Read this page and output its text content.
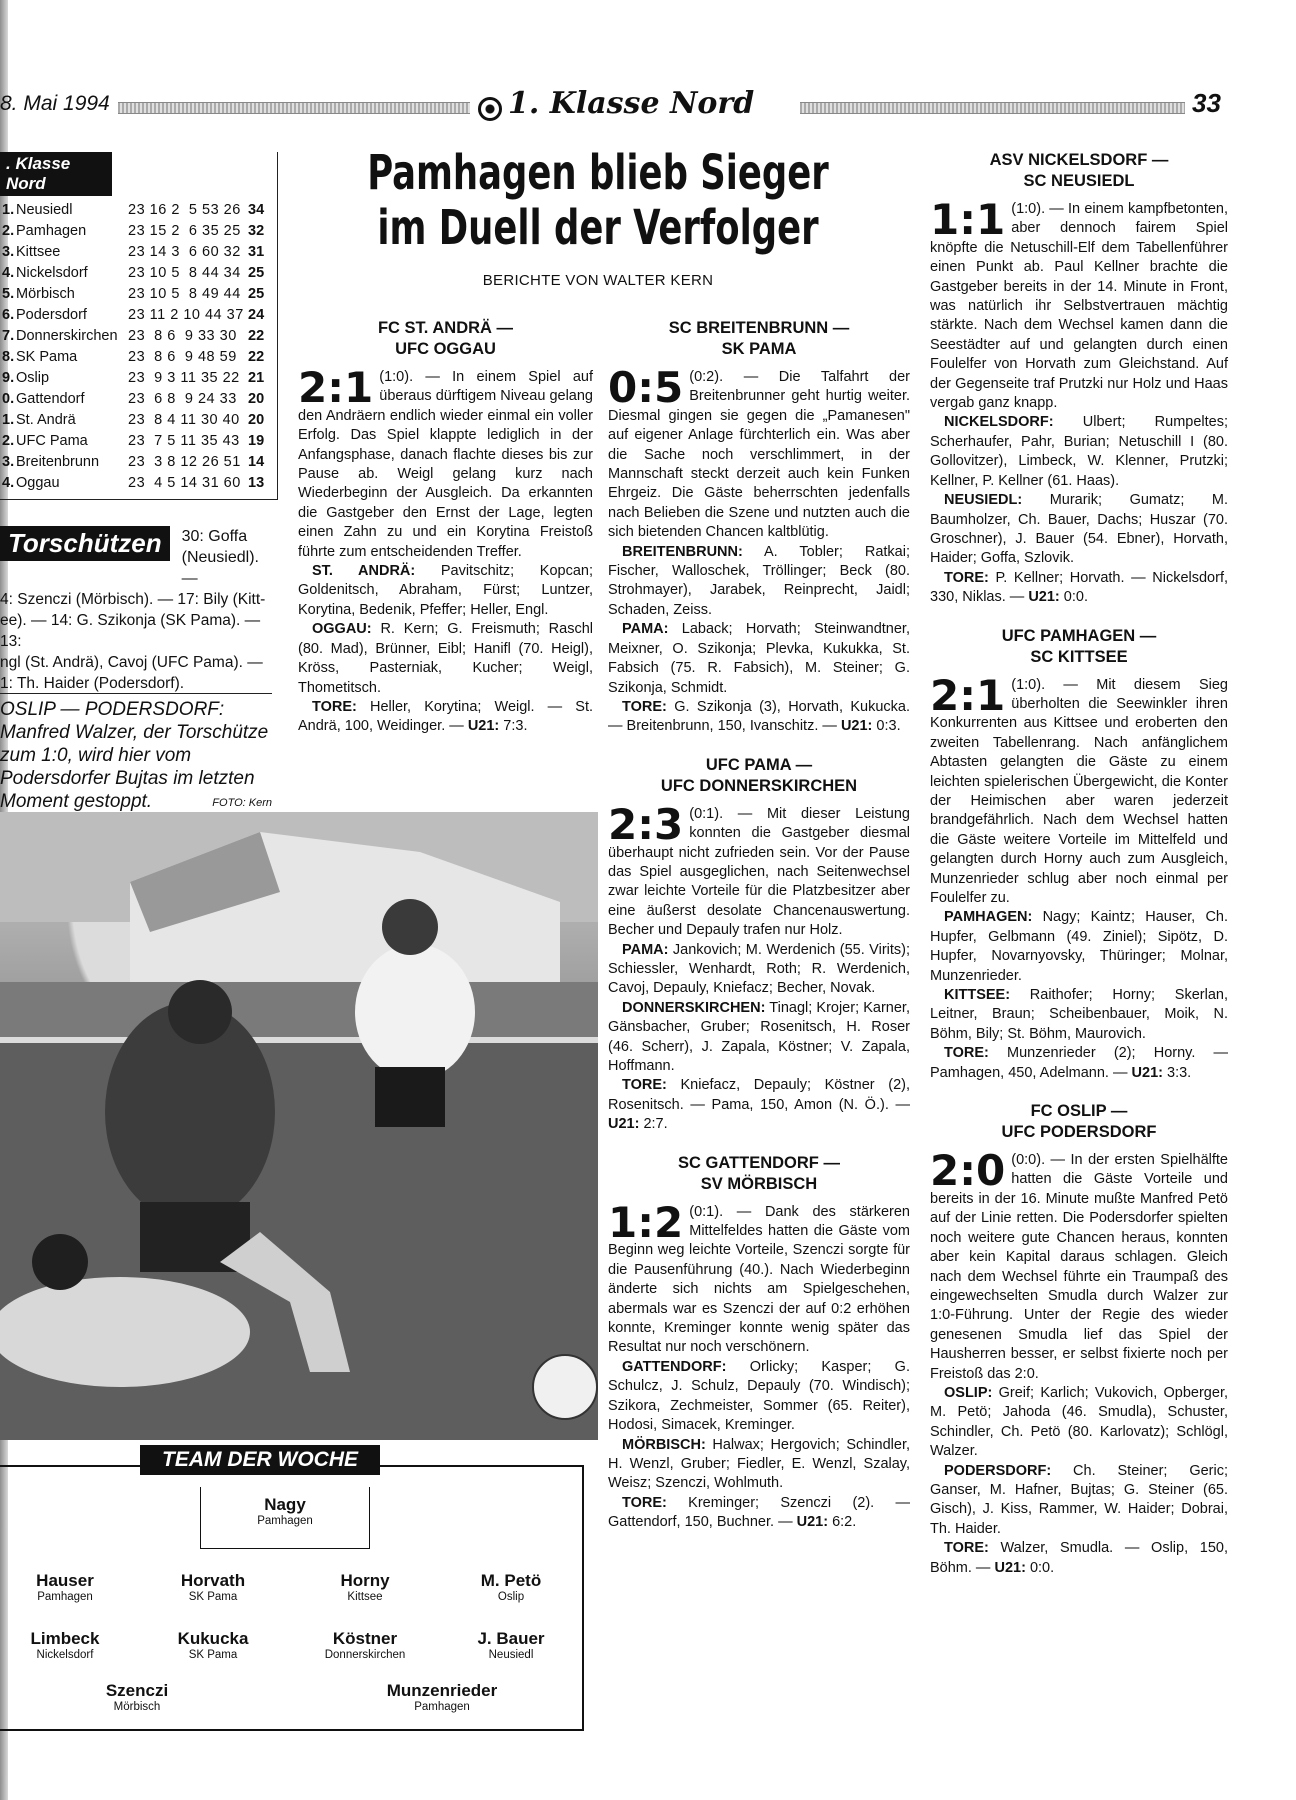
8. Mai 1994	1. Klasse Nord	33
. Klasse Nord
1. Neusiedl	23 16 2  5 53 26 34
2. Pamhagen	23 15 2  6 35 25 32
3. Kittsee	23 14 3  6 60 32 31
4. Nickelsdorf	23 10 5  8 44 34 25
5. Mörbisch	23 10 5  8 49 44 25
6. Podersdorf	23 11 2 10 44 37 24
7. Donnerskirchen 23  8 6  9 33 30 22
8. SK Pama	23  8 6  9 48 59 22
9. Oslip	23  9 3 11 35 22 21
0. Gattendorf	23  6 8  9 24 33 20
1. St. Andrä	23  8 4 11 30 40 20
2. UFC Pama	23  7 5 11 35 43 19
3. Breitenbrunn	23  3 8 12 26 51 14
4. Oggau	23  4 5 14 31 60 13
Torschützen	30: Goffa (Neusiedl). —
4: Szenczi (Mörbisch). — 17: Bily (Kitt-
ee). — 14: G. Szikonja (SK Pama). — 13:
ngl (St. Andrä), Cavoj (UFC Pama). —
1: Th. Haider (Podersdorf).
OSLIP — PODERSDORF: Manfred Walzer, der Torschütze zum 1:0, wird hier vom Podersdorfer Bujtas im letzten Moment gestoppt.	FOTO: Kern
TEAM DER WOCHE
Nagy
Pamhagen
Hauser
Pamhagen
Horvath
SK Pama
Horny
Kittsee
M. Petö
Oslip
Limbeck
Nickelsdorf
Kukucka
SK Pama
Köstner
Donnerskirchen
J. Bauer
Neusiedl
Szenczi
Mörbisch
Munzenrieder
Pamhagen
Pamhagen blieb Sieger
im Duell der Verfolger
BERICHTE VON WALTER KERN
FC ST. ANDRÄ —
UFC OGGAU

2:1 (1:0). — In einem Spiel auf überaus dürftigem Niveau gelang den Andräern endlich wieder einmal ein voller Erfolg. Das Spiel klappte lediglich in der Anfangsphase, danach flachte dieses bis zur Pause ab. Weigl gelang kurz nach Wiederbeginn der Ausgleich. Da erkannten die Gastgeber den Ernst der Lage, legten einen Zahn zu und ein Korytina Freistoß führte zum entscheidenden Treffer.

ST. ANDRÄ: Pavitschitz; Kopcan; Goldenitsch, Abraham, Fürst; Luntzer, Korytina, Bedenik, Pfeffer; Heller, Engl.

OGGAU: R. Kern; G. Freismuth; Raschl (80. Mad), Brünner, Eibl; Hanifl (70. Heigl), Kröss, Pasterniak, Kucher; Weigl, Thometitsch.

TORE: Heller, Korytina; Weigl. — St. Andrä, 100, Weidinger. — U21: 7:3.

SC BREITENBRUNN —
SK PAMA

0:5 (0:2). — Die Talfahrt der Breitenbrunner geht hurtig weiter. Diesmal gingen sie gegen die „Pamanesen" auf eigener Anlage fürchterlich ein. Was aber die Sache noch verschlimmert, in der Mannschaft steckt derzeit auch kein Funken Ehrgeiz. Die Gäste beherrschten jedenfalls nach Belieben die Szene und nutzten auch die sich bietenden Chancen kaltblütig.

BREITENBRUNN: A. Tobler; Ratkai; Fischer, Walloschek, Tröllinger; Beck (80. Strohmayer), Jarabek, Reinprecht, Jaidl; Schaden, Zeiss.

PAMA: Laback; Horvath; Steinwandtner, Meixner, O. Szikonja; Plevka, Kukukka, St. Fabsich (75. R. Fabsich), M. Steiner; G. Szikonja, Schmidt.

TORE: G. Szikonja (3), Horvath, Kukucka. — Breitenbrunn, 150, Ivanschitz. — U21: 0:3.

UFC PAMA —
UFC DONNERSKIRCHEN

2:3 (0:1). — Mit dieser Leistung konnten die Gastgeber diesmal überhaupt nicht zufrieden sein. Vor der Pause das Spiel ausgeglichen, nach Seitenwechsel zwar leichte Vorteile für die Platzbesitzer aber eine äußerst desolate Chancenauswertung. Becher und Depauly trafen nur Holz.

PAMA: Jankovich; M. Werdenich (55. Virits); Schiessler, Wenhardt, Roth; R. Werdenich, Cavoj, Depauly, Kniefacz; Becher, Novak.

DONNERSKIRCHEN: Tinagl; Krojer; Karner, Gänsbacher, Gruber; Rosenitsch, H. Roser (46. Scherr), J. Zapala, Köstner; V. Zapala, Hoffmann.

TORE: Kniefacz, Depauly; Köstner (2), Rosenitsch. — Pama, 150, Amon (N. Ö.). — U21: 2:7.

SC GATTENDORF —
SV MÖRBISCH

1:2 (0:1). — Dank des stärkeren Mittelfeldes hatten die Gäste vom Beginn weg leichte Vorteile, Szenczi sorgte für die Pausenführung (40.). Nach Wiederbeginn änderte sich nichts am Spielgeschehen, abermals war es Szenczi der auf 0:2 erhöhen konnte, Kreminger konnte wenig später das Resultat nur noch verschönern.

GATTENDORF: Orlicky; Kasper; G. Schulcz, J. Schulz, Depauly (70. Windisch); Szikora, Zechmeister, Sommer (65. Reiter), Hodosi, Simacek, Kreminger.

MÖRBISCH: Halwax; Hergovich; Schindler, H. Wenzl, Gruber; Fiedler, E. Wenzl, Szalay, Weisz; Szenczi, Wohlmuth.

TORE: Kreminger; Szenczi (2). — Gattendorf, 150, Buchner. — U21: 6:2.

ASV NICKELSDORF —
SC NEUSIEDL

1:1 (1:0). — In einem kampfbetonten, aber dennoch fairem Spiel knöpfte die Netuschill-Elf dem Tabellenführer einen Punkt ab. Paul Kellner brachte die Gastgeber bereits in der 14. Minute in Front, was natürlich ihr Selbstvertrauen mächtig stärkte. Nach dem Wechsel kamen dann die Seestädter auf und gelangten durch einen Foulelfer von Horvath zum Gleichstand. Auf der Gegenseite traf Prutzki nur Holz und Haas vergab ganz knapp.

NICKELSDORF: Ulbert; Rumpeltes; Scherhaufer, Pahr, Burian; Netuschill I (80. Gollovitzer), Limbeck, W. Klenner, Prutzki; Kellner, P. Kellner (61. Haas).

NEUSIEDL: Murarik; Gumatz; M. Baumholzer, Ch. Bauer, Dachs; Huszar (70. Groschner), J. Bauer (54. Ebner), Horvath, Haider; Goffa, Szlovik.

TORE: P. Kellner; Horvath. — Nickelsdorf, 330, Niklas. — U21: 0:0.

UFC PAMHAGEN —
SC KITTSEE

2:1 (1:0). — Mit diesem Sieg überholten die Seewinkler ihren Konkurrenten aus Kittsee und eroberten den zweiten Tabellenrang. Nach anfänglichem Abtasten gelangten die Gäste zu einem leichten spielerischen Übergewicht, die Konter der Heimischen aber waren jederzeit brandgefährlich. Nach dem Wechsel hatten die Gäste weitere Vorteile im Mittelfeld und gelangten durch Horny auch zum Ausgleich, Munzenrieder schlug aber noch einmal per Foulelfer zu.

PAMHAGEN: Nagy; Kaintz; Hauser, Ch. Hupfer, Gelbmann (49. Ziniel); Sipötz, D. Hupfer, Novarnyovsky, Thüringer; Molnar, Munzenrieder.

KITTSEE: Raithofer; Horny; Skerlan, Leitner, Braun; Scheibenbauer, Moik, N. Böhm, Bily; St. Böhm, Maurovich.

TORE: Munzenrieder (2); Horny. — Pamhagen, 450, Adelmann. — U21: 3:3.

FC OSLIP —
UFC PODERSDORF

2:0 (0:0). — In der ersten Spielhälfte hatten die Gäste Vorteile und bereits in der 16. Minute mußte Manfred Petö auf der Linie retten. Die Podersdorfer spielten noch weitere gute Chancen heraus, konnten aber kein Kapital daraus schlagen. Gleich nach dem Wechsel führte ein Traumpaß des eingewechselten Smudla durch Walzer zur 1:0-Führung. Unter der Regie des wieder genesenen Smudla lief das Spiel der Hausherren besser, er selbst fixierte noch per Freistoß das 2:0.

OSLIP: Greif; Karlich; Vukovich, Opberger, M. Petö; Jahoda (46. Smudla), Schuster, Schindler, Ch. Petö (80. Karlovatz); Schlögl, Walzer.

PODERSDORF: Ch. Steiner; Geric; Ganser, M. Hafner, Bujtas; G. Steiner (65. Gisch), J. Kiss, Rammer, W. Haider; Dobrai, Th. Haider.

TORE: Walzer, Smudla. — Oslip, 150, Böhm. — U21: 0:0.
